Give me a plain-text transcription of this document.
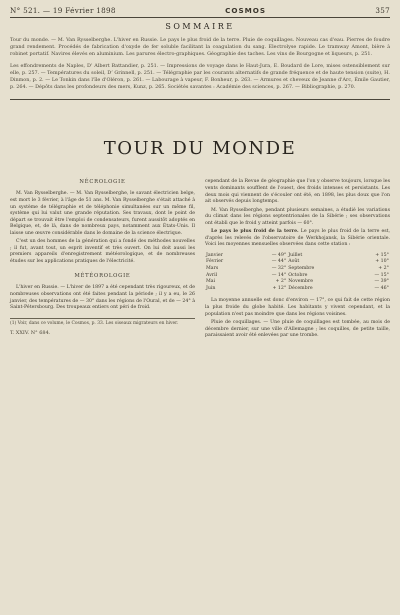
N° 521. — 19 Février 1898	COSMOS	357
SOMMAIRE

Tour du monde. — M. Van Rysselberghe. L'hiver en Russie. Le pays le plus froid de la terre. Pluie de coquillages. Nouveau cas d'eau. Pierres de foudre grand rendement. Procédés de fabrication d'oxyde de fer soluble facilitant la coagulation du sang. Electrolyse rapide. Le tramway Amont, bière à robinet portatif. Navires élevés en aluminium. Les parures électro-graphiques. Géographie des taches. Les vins de Bourgogne et liqueurs, p. 251.

Les effondrements de Naples, D’ Albert Battandier, p. 251. — Impressions de voyage dans le Haut-Jura, E. Boudard de Lore, mises ostensiblement sur elle, p. 257. — Températures du soleil, D’ Grinnell, p. 251. — Télégraphie par les courants alternatifs de grande fréquence et de haute tension (suite), H. Dinmon, p. 2. — Le Tonkin dans l'île d'Oléron, p. 261. — Labourage à vapeur, F. Bonheur, p. 263. — Armures et cheveux de Jeanne d'Arc, Émile Gautier, p. 264. — Dépôts dans les profondeurs des mers, Kunz, p. 265. Sociétés savantes : Académie des sciences, p. 267. — Bibliographie, p. 270.

TOUR DU MONDE
NÉCROLOGIE

M. Van Rysselberghe. — M. Van Rysselberghe, le savant électricien belge, est mort le 3 février, à l'âge de 51 ans. M. Van Rysselberghe s'était attaché à un système de télégraphie et de téléphonie simultanées sur un même fil, système qui lui valut une grande réputation. Ses travaux, dont le point de départ se trouvait être l'emploi de condensateurs, furent aussitôt adoptés en Belgique, et, de là, dans de nombreux pays, notamment aux États-Unis. Il laisse une œuvre considérable dans le domaine de la science électrique.

C'est un des hommes de la génération qui a fondé des méthodes nouvelles ; il fut, avant tout, un esprit inventif et très ouvert. On lui doit aussi les premiers appareils d'enregistrement météorologique, et de nombreuses études sur les applications pratiques de l'électricité.

MÉTÉOROLOGIE

L'hiver en Russie. — L'hiver de 1897 a été cependant très rigoureux, et de nombreuses observations ont été faites pendant la période ; il y a eu, le 26 janvier, des températures de — 30° dans les régions de l'Oural, et de — 24° à Saint-Pétersbourg. Des troupeaux entiers ont péri de froid.

(1) Voir, dans ce volume, le Cosmos, p. 33. Les oiseaux migrateurs en hiver.
T. XXIV. N° 684.

cependant de la Revue de géographie que l'on y observe toujours, lorsque les vents dominants soufflent de l'ouest, des froids intenses et persistants. Les deux mois qui viennent de s'écouler ont été, en 1898, les plus doux que l'on ait observés depuis longtemps.

M. Van Rysselberghe, pendant plusieurs semaines, a étudié les variations du climat dans les régions septentrionales de la Sibérie ; ses observations ont établi que le froid y atteint parfois — 60°.

Le pays le plus froid de la terre. Le pays le plus froid de la terre est, d'après les relevés de l'observatoire de Werkhojansk, la Sibérie orientale. Voici les moyennes mensuelles observées dans cette station :

Janvier	— 49°	Juillet	+ 15°
Février	— 44°	Août	+ 10°
Mars	— 32°	Septembre	+ 2°
Avril	— 14°	Octobre	— 15°
Mai	+ 2°	Novembre	— 39°
Juin	+ 12°	Décembre	— 46°

La moyenne annuelle est donc d'environ — 17°, ce qui fait de cette région la plus froide du globe habité. Les habitants y vivent cependant, et la population n'est pas moindre que dans les régions voisines.

Pluie de coquillages. — Une pluie de coquillages est tombée, au mois de décembre dernier, sur une ville d'Allemagne ; les coquilles, de petite taille, paraissaient avoir été enlevées par une trombe.
